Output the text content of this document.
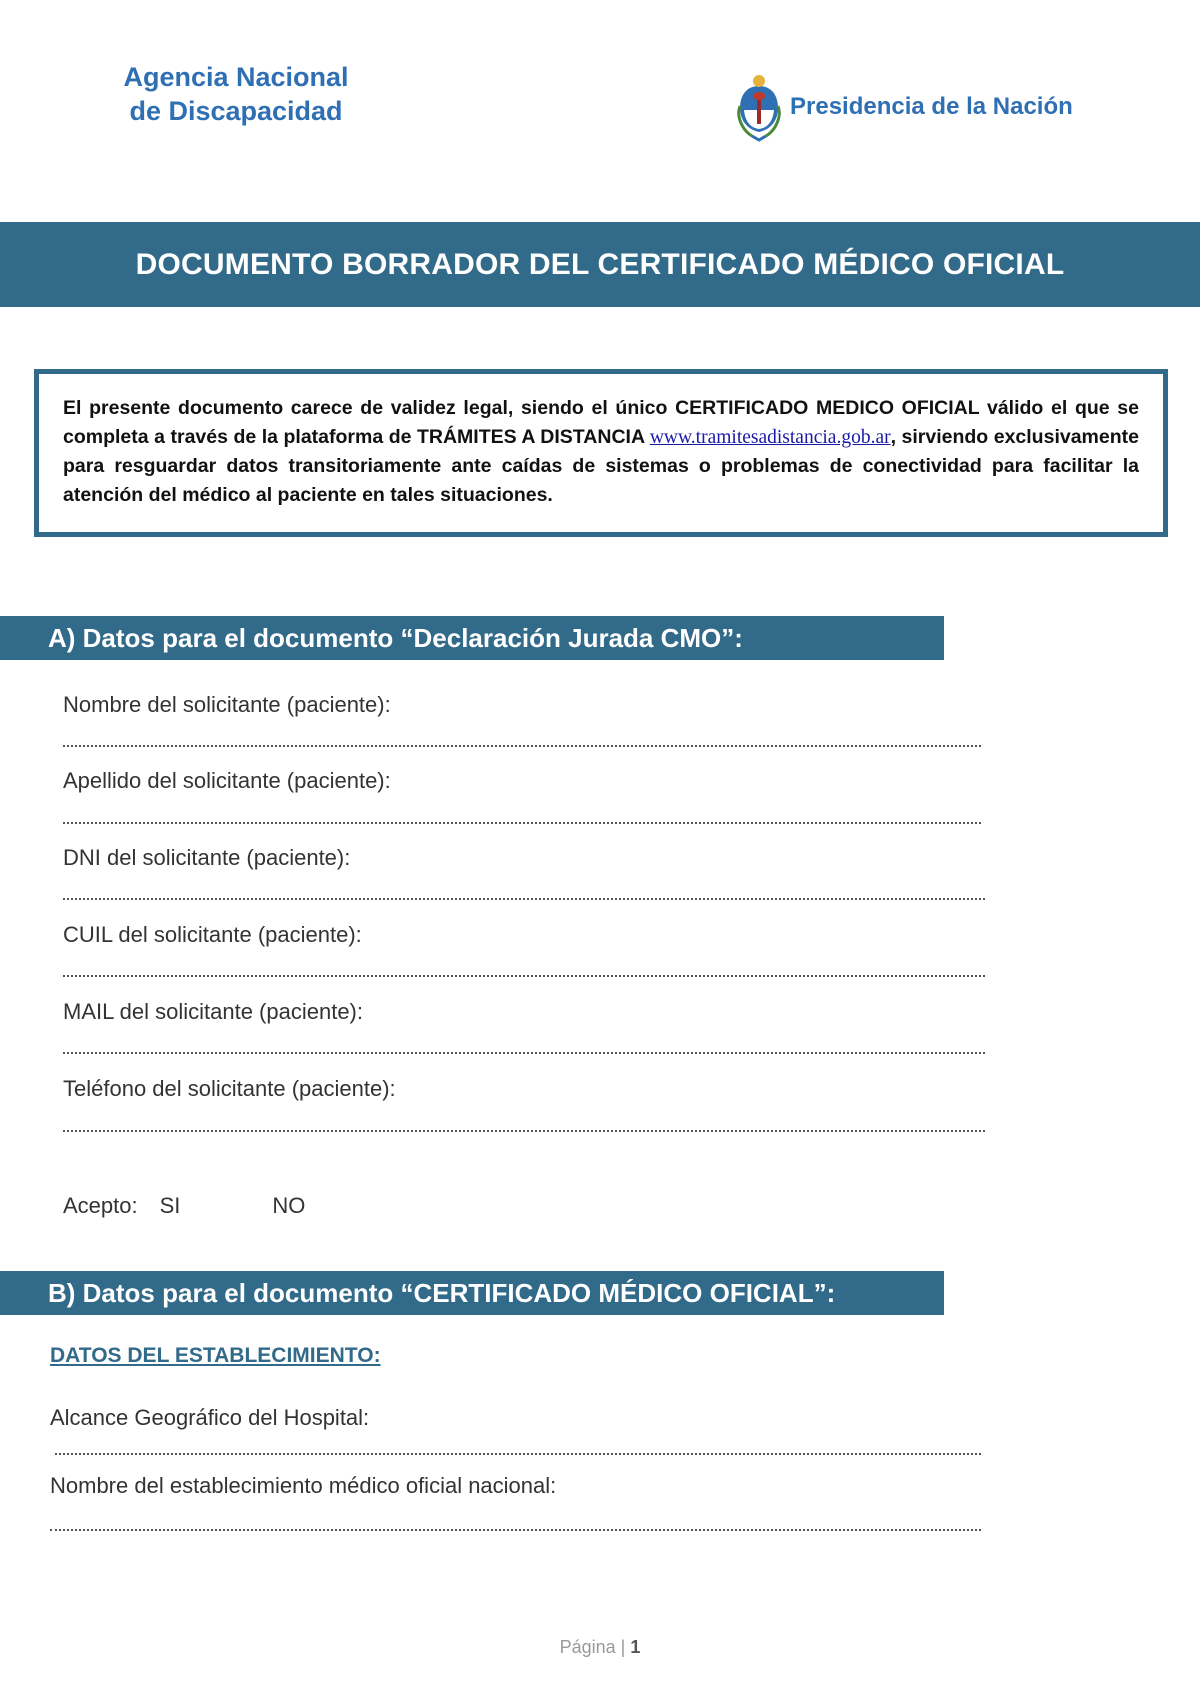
Agencia Nacional
de Discapacidad	Presidencia de la Nación
DOCUMENTO BORRADOR DEL CERTIFICADO MÉDICO OFICIAL
El presente documento carece de validez legal, siendo el único CERTIFICADO MEDICO OFICIAL válido el que se completa a través de la plataforma de TRÁMITES A DISTANCIA www.tramitesadistancia.gob.ar, sirviendo exclusivamente para resguardar datos transitoriamente ante caídas de sistemas o problemas de conectividad para facilitar la atención del médico al paciente en tales situaciones.
A) Datos para el documento “Declaración Jurada CMO”:
Nombre del solicitante (paciente):
Apellido del solicitante (paciente):
DNI del solicitante (paciente):
CUIL del solicitante (paciente):
MAIL del solicitante (paciente):
Teléfono del solicitante (paciente):
Acepto: SI	NO
B) Datos para el documento “CERTIFICADO MÉDICO OFICIAL”:
DATOS DEL ESTABLECIMIENTO:
Alcance Geográfico del Hospital:
Nombre del establecimiento médico oficial nacional:
Página | 1
